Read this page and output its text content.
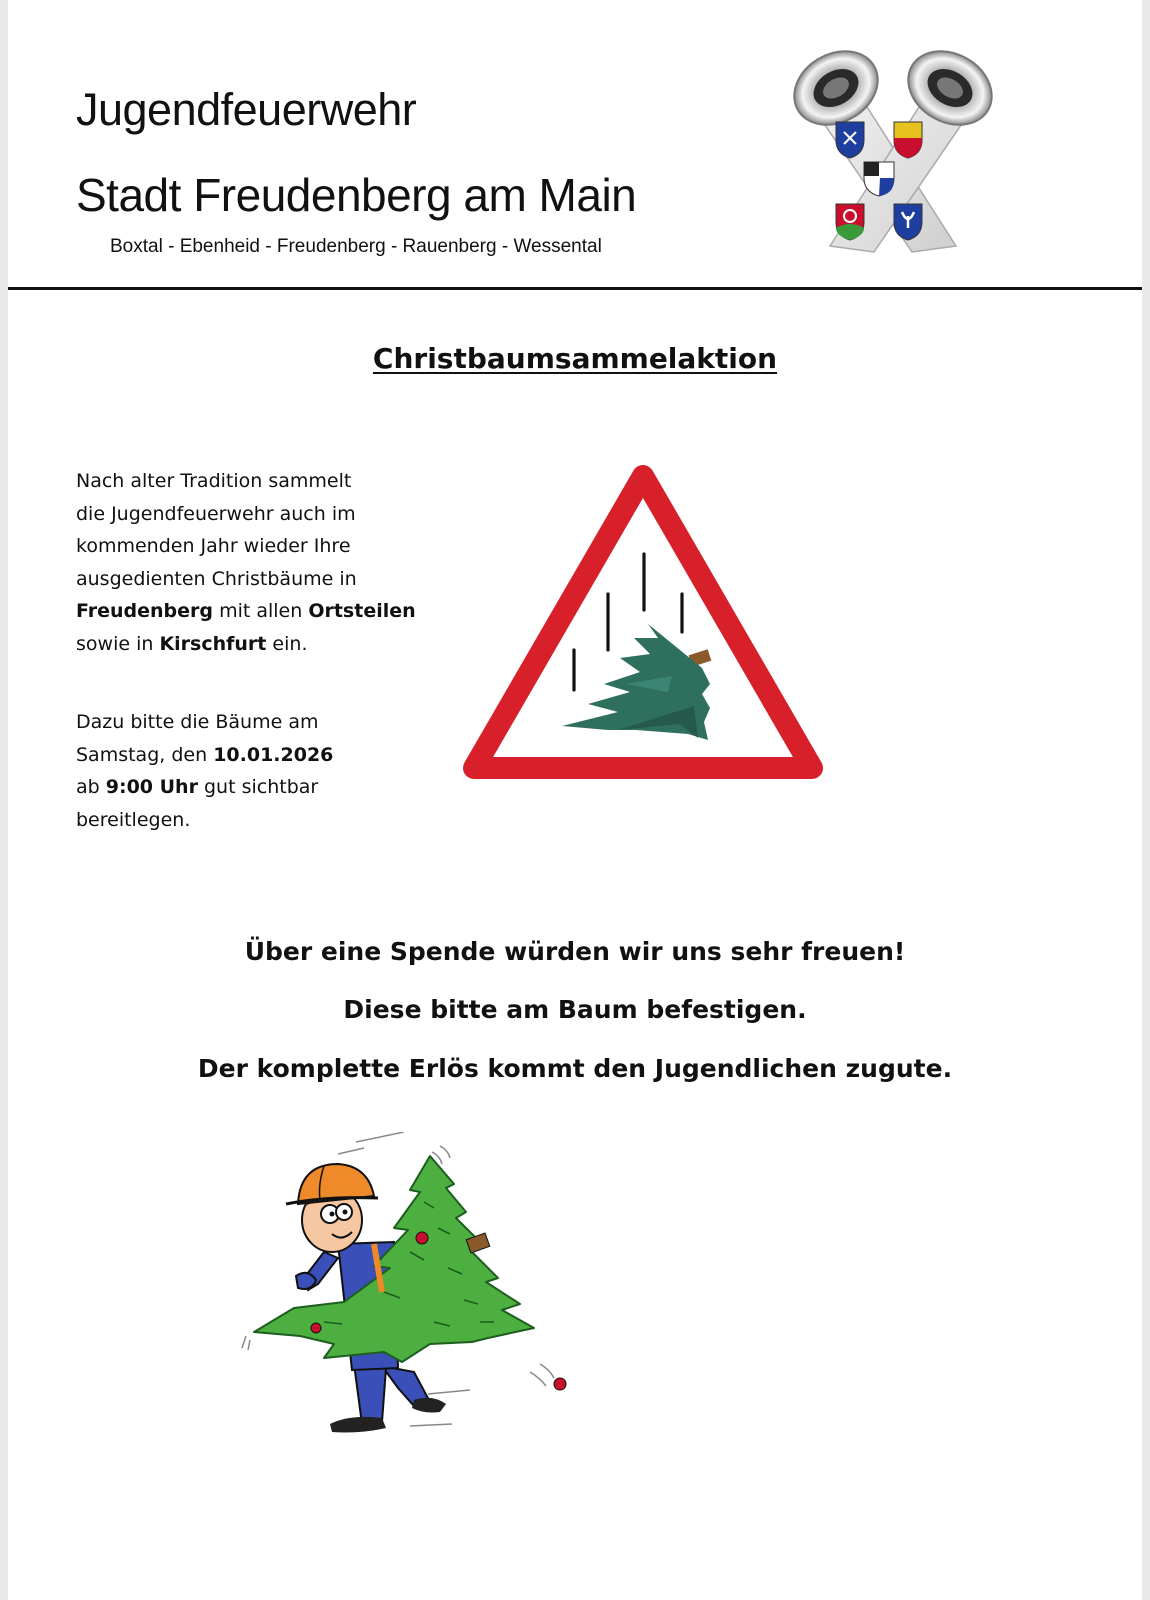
Jugendfeuerwehr
Stadt Freudenberg am Main
Boxtal - Ebenheid - Freudenberg - Rauenberg - Wessental
Christbaumsammelaktion

Nach alter Tradition sammelt
die Jugendfeuerwehr auch im
kommenden Jahr wieder Ihre
ausgedienten Christbäume in
Freudenberg mit allen Ortsteilen
sowie in Kirschfurt ein.

Dazu bitte die Bäume am
Samstag, den 10.01.2026
ab 9:00 Uhr gut sichtbar
bereitlegen.

Über eine Spende würden wir uns sehr freuen!

Diese bitte am Baum befestigen.

Der komplette Erlös kommt den Jugendlichen zugute.
